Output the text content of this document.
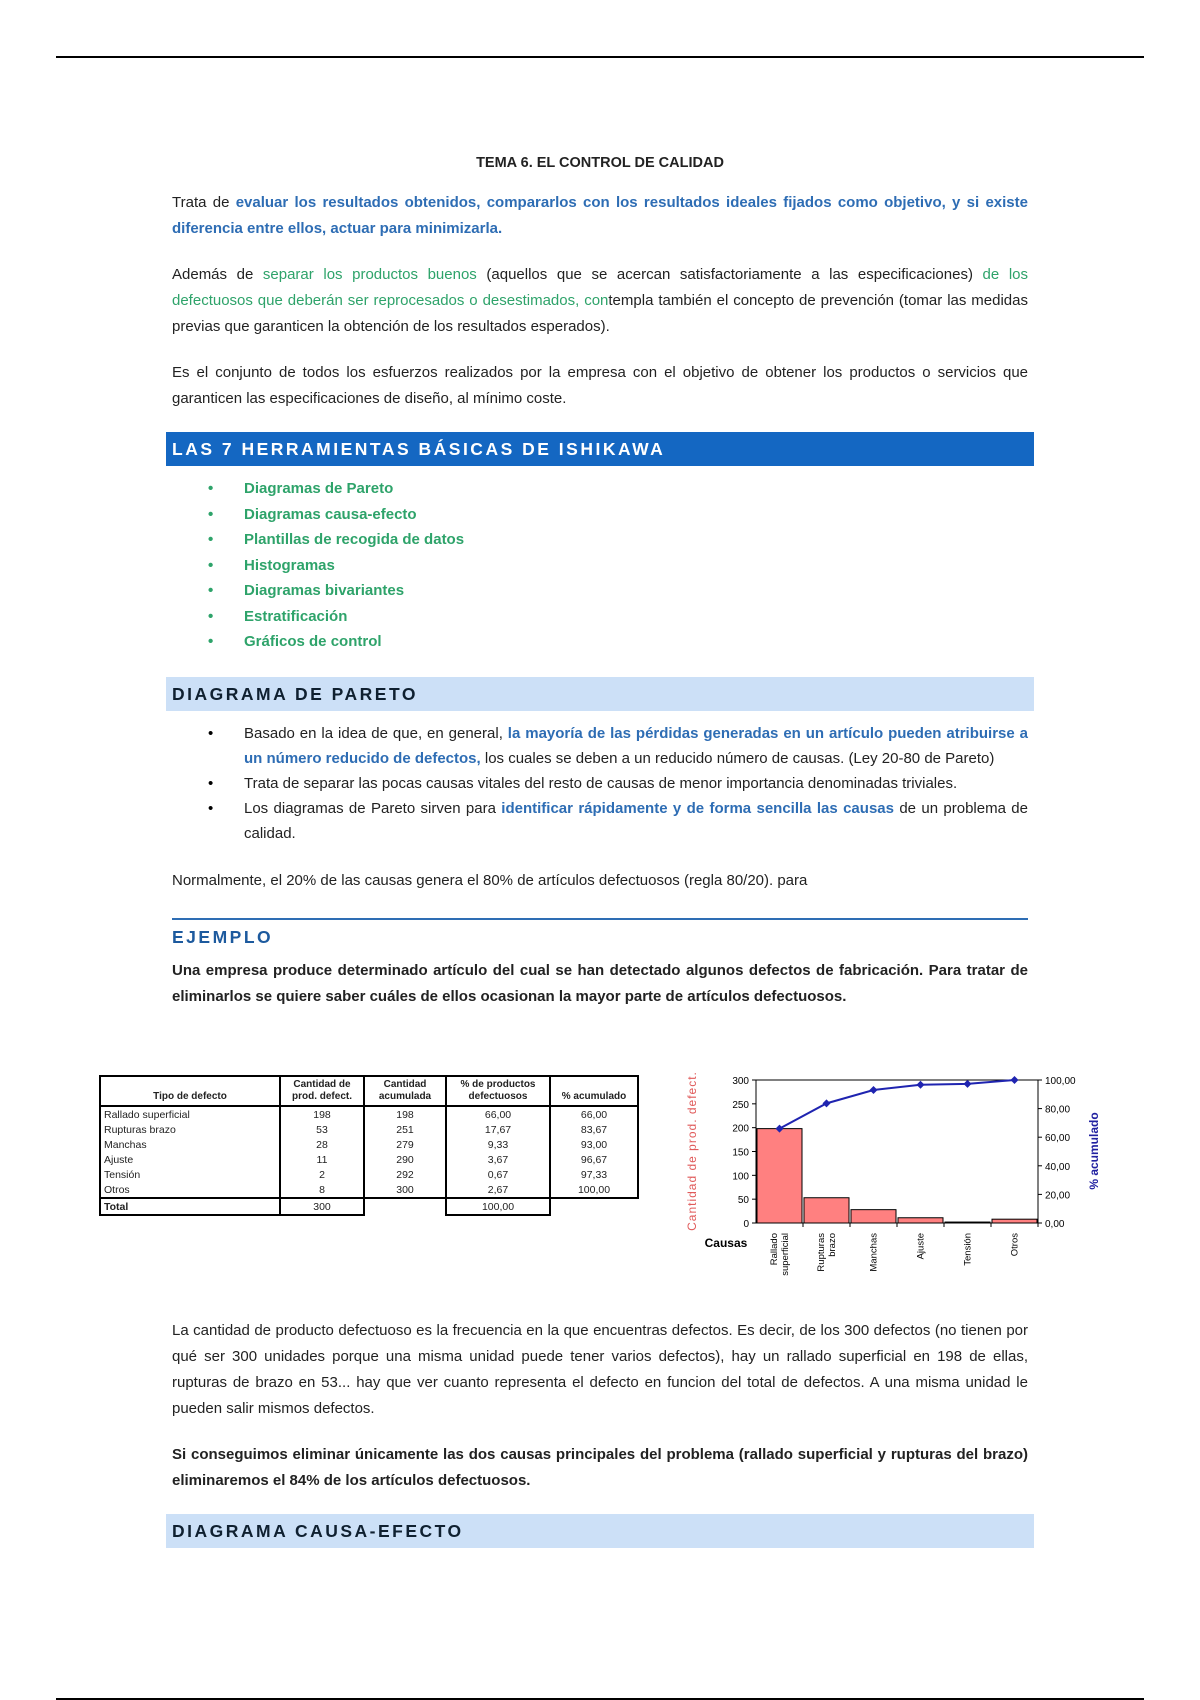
TEMA 6. EL CONTROL DE CALIDAD

Trata de evaluar los resultados obtenidos, compararlos con los resultados ideales fijados como objetivo, y si existe diferencia entre ellos, actuar para minimizarla.

Además de separar los productos buenos (aquellos que se acercan satisfactoriamente a las especificaciones) de los defectuosos que deberán ser reprocesados o desestimados, contempla también el concepto de prevención (tomar las medidas previas que garanticen la obtención de los resultados esperados).

Es el conjunto de todos los esfuerzos realizados por la empresa con el objetivo de obtener los productos o servicios que garanticen las especificaciones de diseño, al mínimo coste.

LAS 7 HERRAMIENTAS BÁSICAS DE ISHIKAWA
• Diagramas de Pareto
• Diagramas causa-efecto
• Plantillas de recogida de datos
• Histogramas
• Diagramas bivariantes
• Estratificación
• Gráficos de control
DIAGRAMA DE PARETO
• Basado en la idea de que, en general, la mayoría de las pérdidas generadas en un artículo pueden atribuirse a un número reducido de defectos, los cuales se deben a un reducido número de causas. (Ley 20-80 de Pareto)
• Trata de separar las pocas causas vitales del resto de causas de menor importancia denominadas triviales.
• Los diagramas de Pareto sirven para identificar rápidamente y de forma sencilla las causas de un problema de calidad.

Normalmente, el 20% de las causas genera el 80% de artículos defectuosos (regla 80/20). para

EJEMPLO

Una empresa produce determinado artículo del cual se han detectado algunos defectos de fabricación. Para tratar de eliminarlos se quiere saber cuáles de ellos ocasionan la mayor parte de artículos defectuosos.

Tipo de defecto	Cantidad de prod. defect.	Cantidad acumulada	% de productos defectuosos	% acumulado
Rallado superficial	198	198	66,00	66,00
Rupturas brazo	53	251	17,67	83,67
Manchas	28	279	9,33	93,00
Ajuste	11	290	3,67	96,67
Tensión	2	292	0,67	97,33
Otros	8	300	2,67	100,00
Total	300		100,00	
0
50
100
150
200
250
300
0,00
20,00
40,00
60,00
80,00
100,00
Rallado superficial	Rupturas brazo	Manchas	Ajuste	Tensión	Otros
Causas
Cantidad de prod. defect.	% acumulado

La cantidad de producto defectuoso es la frecuencia en la que encuentras defectos. Es decir, de los 300 defectos (no tienen por qué ser 300 unidades porque una misma unidad puede tener varios defectos), hay un rallado superficial en 198 de ellas, rupturas de brazo en 53... hay que ver cuanto representa el defecto en funcion del total de defectos. A una misma unidad le pueden salir mismos defectos.

Si conseguimos eliminar únicamente las dos causas principales del problema (rallado superficial y rupturas del brazo) eliminaremos el 84% de los artículos defectuosos.

DIAGRAMA CAUSA-EFECTO
